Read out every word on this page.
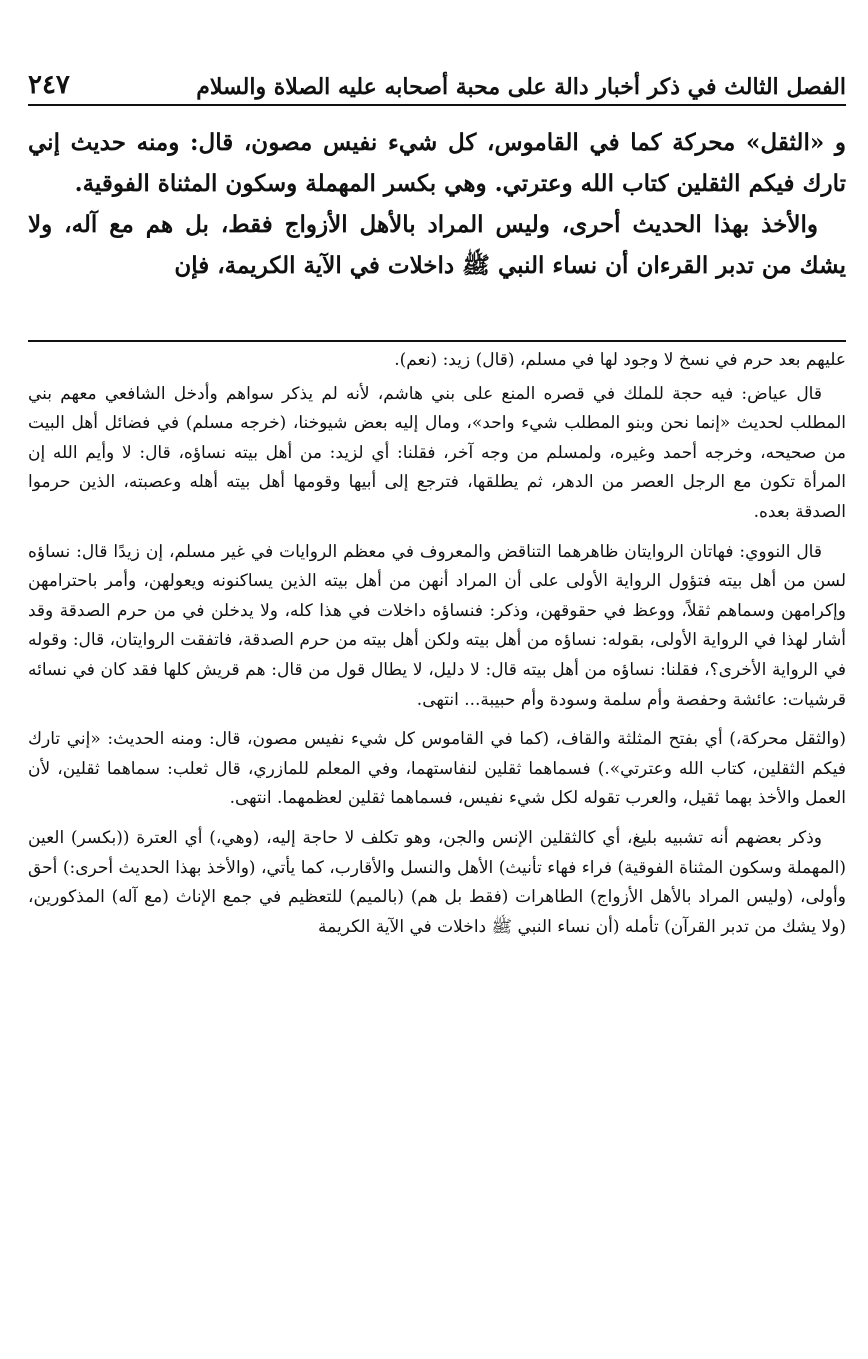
الفصل الثالث في ذكر أخبار دالة على محبة أصحابه عليه الصلاة والسلام
٢٤٧

و «الثقل» محركة كما في القاموس، كل شيء نفيس مصون، قال: ومنه حديث إني تارك فيكم الثقلين كتاب الله وعترتي. وهي بكسر المهملة وسكون المثناة الفوقية.

والأخذ بهذا الحديث أحرى، وليس المراد بالأهل الأزواج فقط، بل هم مع آله، ولا يشك من تدبر القرءان أن نساء النبي ﷺ داخلات في الآية الكريمة، فإن

عليهم بعد حرم في نسخ لا وجود لها في مسلم، (قال) زيد: (نعم).

قال عياض: فيه حجة للملك في قصره المنع على بني هاشم، لأنه لم يذكر سواهم وأدخل الشافعي معهم بني المطلب لحديث «إنما نحن وبنو المطلب شيء واحد»، ومال إليه بعض شيوخنا، (خرجه مسلم) في فضائل أهل البيت من صحيحه، وخرجه أحمد وغيره، ولمسلم من وجه آخر، فقلنا: أي لزيد: من أهل بيته نساؤه، قال: لا وأيم الله إن المرأة تكون مع الرجل العصر من الدهر، ثم يطلقها، فترجع إلى أبيها وقومها أهل بيته أهله وعصبته، الذين حرموا الصدقة بعده.

قال النووي: فهاتان الروايتان ظاهرهما التناقض والمعروف في معظم الروايات في غير مسلم، إن زيدًا قال: نساؤه لسن من أهل بيته فتؤول الرواية الأولى على أن المراد أنهن من أهل بيته الذين يساكنونه ويعولهن، وأمر باحترامهن وإكرامهن وسماهم ثقلاً، ووعظ في حقوقهن، وذكر: فنساؤه داخلات في هذا كله، ولا يدخلن في من حرم الصدقة وقد أشار لهذا في الرواية الأولى، بقوله: نساؤه من أهل بيته ولكن أهل بيته من حرم الصدقة، فاتفقت الروايتان، قال: وقوله في الرواية الأخرى؟، فقلنا: نساؤه من أهل بيته قال: لا دليل، لا يطال قول من قال: هم قريش كلها فقد كان في نسائه قرشيات: عائشة وحفصة وأم سلمة وسودة وأم حبيبة... انتهى.

(والثقل محركة،) أي بفتح المثلثة والقاف، (كما في القاموس كل شيء نفيس مصون، قال: ومنه الحديث: «إني تارك فيكم الثقلين، كتاب الله وعترتي».) فسماهما ثقلين لنفاستهما، وفي المعلم للمازري، قال ثعلب: سماهما ثقلين، لأن العمل والأخذ بهما ثقيل، والعرب تقوله لكل شيء نفيس، فسماهما ثقلين لعظمهما. انتهى.

وذكر بعضهم أنه تشبيه بليغ، أي كالثقلين الإنس والجن، وهو تكلف لا حاجة إليه، (وهي،) أي العترة ((بكسر) العين (المهملة وسكون المثناة الفوقية) فراء فهاء تأنيث) الأهل والنسل والأقارب، كما يأتي، (والأخذ بهذا الحديث أحرى:) أحق وأولى، (وليس المراد بالأهل الأزواج) الطاهرات (فقط بل هم) (بالميم) للتعظيم في جمع الإناث (مع آله) المذكورين، (ولا يشك من تدبر القرآن) تأمله (أن نساء النبي ﷺ داخلات في الآية الكريمة
